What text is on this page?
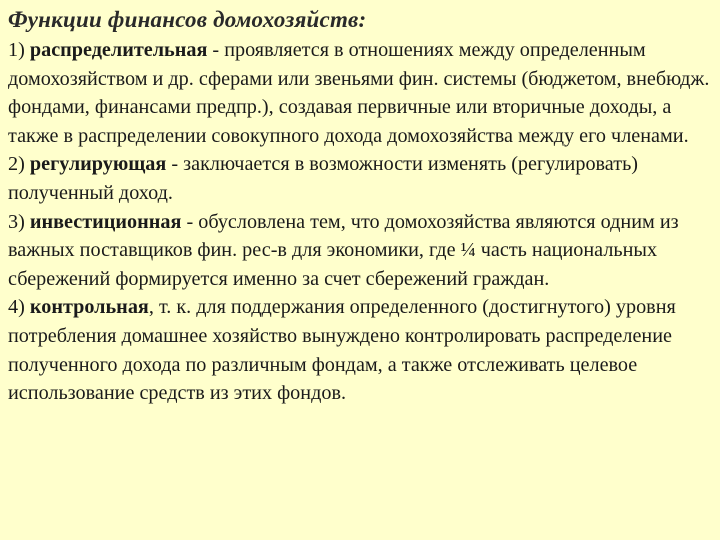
Функции финансов домохозяйств:

1) распределительная - проявляется в отношениях между определенным домохозяйством и др. сферами или звеньями фин. системы (бюджетом, внебюдж. фондами, финансами предпр.), создавая первичные или вторичные доходы, а также в распределении совокупного дохода домохозяйства между его членами.

2) регулирующая - заключается в возможности изменять (регулировать) полученный доход.

3) инвестиционная - обусловлена тем, что домохозяйства являются одним из важных поставщиков фин. рес-в для экономики, где ¼ часть национальных сбережений формируется именно за счет сбережений граждан.

4) контрольная, т. к. для поддержания определенного (достигнутого) уровня потребления домашнее хозяйство вынуждено контролировать распределение полученного дохода по различным фондам, а также отслеживать целевое использование средств из этих фондов.
